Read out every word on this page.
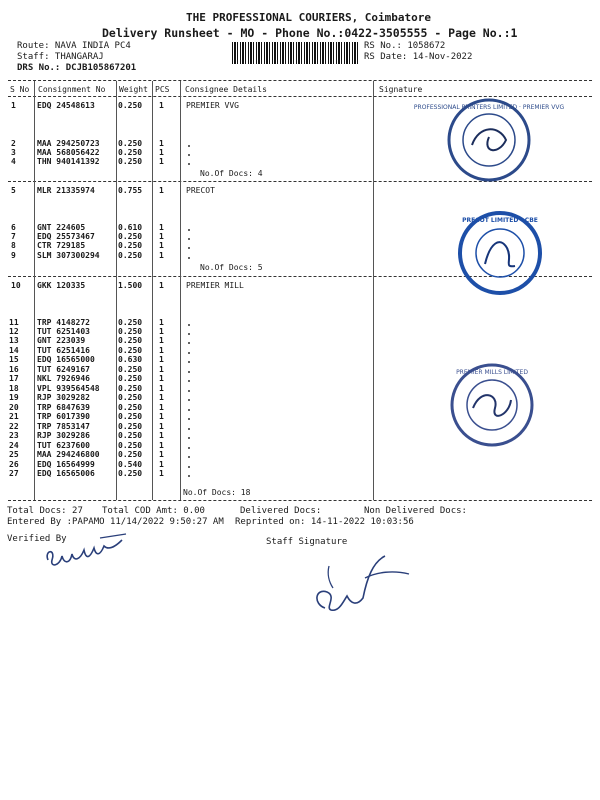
THE PROFESSIONAL COURIERS, Coimbatore
Delivery Runsheet - MO - Phone No.:0422-3505555 - Page No.:1
Route: NAVA INDIA PC4
Staff: THANGARAJ
DRS No.: DCJB105867201
RS No.: 1058672
RS Date: 14-Nov-2022
S No Consignment No Weight PCS Consignee Details	Signature
1	EDQ 24548613	0.250 1	PREMIER VVG
2	MAA 294250723 0.250 1
3	MAA 568056422 0.250 1
4	THN 940141392 0.250 1
No.Of Docs: 4
5	MLR 21335974	0.755 1	PRECOT
6	GNT 224605	0.610 1
7	EDQ 25573467	0.250 1
8	CTR 729185	0.250 1
9	SLM 307300294 0.250 1
No.Of Docs: 5
10 GKK 120335	1.500 1	PREMIER MILL
11 TRP 4148272	0.250 1
12 TUT 6251403	0.250 1
13 GNT 223039	0.250 1
14 TUT 6251416	0.250 1
15 EDQ 16565000	0.630 1
16 TUT 6249167	0.250 1
17 NKL 7926946	0.250 1
18 VPL 939564548 0.250 1
19 RJP 3029282	0.250 1
20 TRP 6847639	0.250 1
21 TRP 6017390	0.250 1
22 TRP 7853147	0.250 1
23 RJP 3029286	0.250 1
24 TUT 6237600	0.250 1
25 MAA 294246800 0.250 1
26 EDQ 16564999	0.540 1
27 EDQ 16565006	0.250 1
No.Of Docs: 18
PROFESSIONAL PRINTERS LIMITED · PREMIER VVG
PRECOT LIMITED · CBE
PREMIER MILLS LIMITED
Total Docs: 27 Total COD Amt: 0.00	Delivered Docs:	Non Delivered Docs:
Entered By :PAPAMO 11/14/2022 9:50:27 AM Reprinted on: 14-11-2022 10:03:56
Verified By	Staff Signature
